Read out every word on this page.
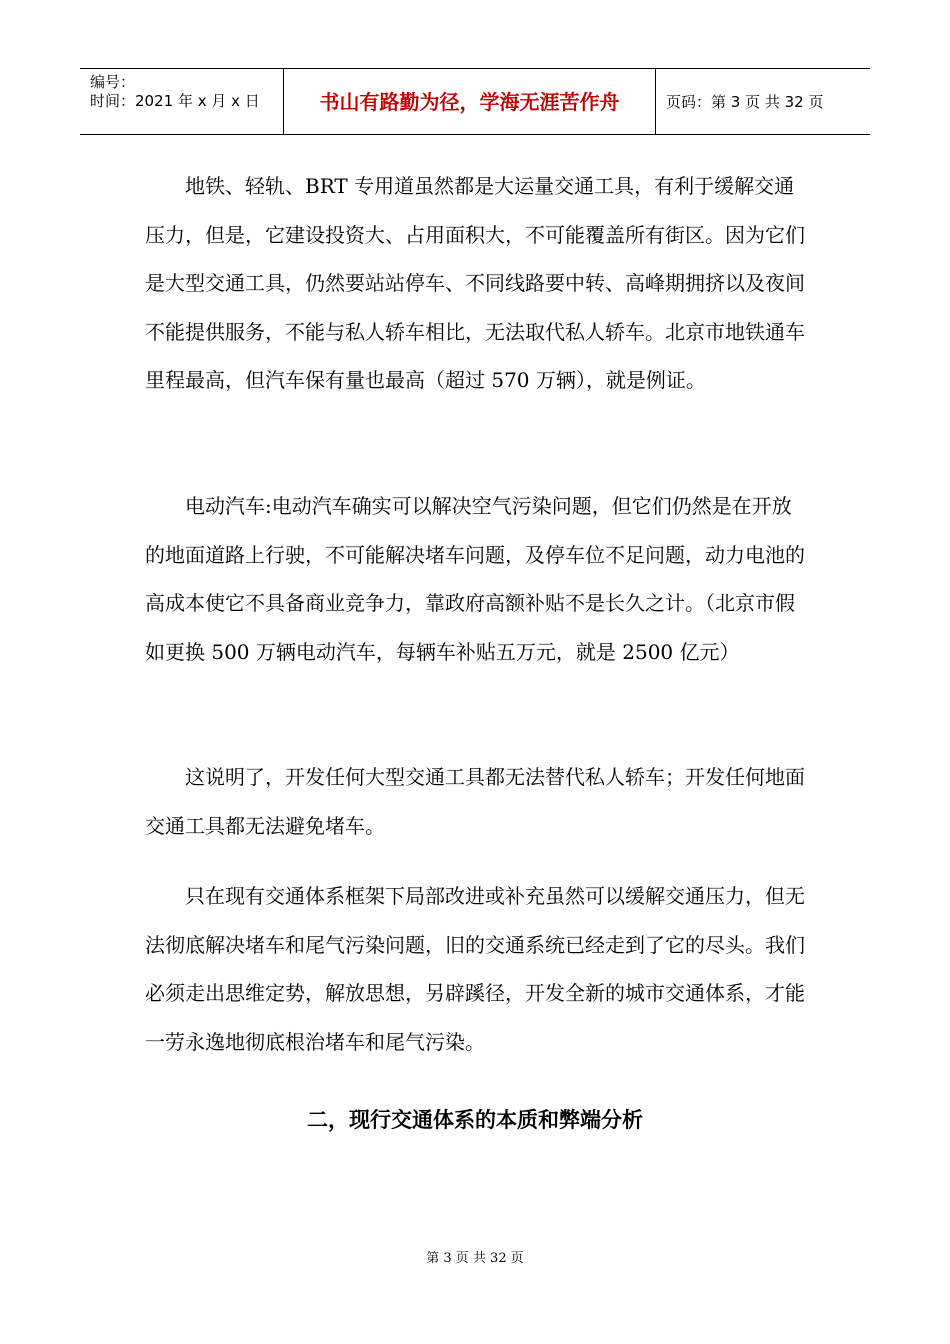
编号：
时间：2021 年 x 月 x 日	书山有路勤为径，学海无涯苦作舟	页码：第 3 页 共 32 页

地铁、轻轨、BRT 专用道虽然都是大运量交通工具，有利于缓解交通压力，但是，它建设投资大、占用面积大，不可能覆盖所有街区。因为它们是大型交通工具，仍然要站站停车、不同线路要中转、高峰期拥挤以及夜间不能提供服务，不能与私人轿车相比，无法取代私人轿车。北京市地铁通车里程最高，但汽车保有量也最高（超过 570 万辆），就是例证。

电动汽车:电动汽车确实可以解决空气污染问题，但它们仍然是在开放的地面道路上行驶，不可能解决堵车问题，及停车位不足问题，动力电池的高成本使它不具备商业竞争力，靠政府高额补贴不是长久之计。（北京市假如更换 500 万辆电动汽车，每辆车补贴五万元，就是 2500 亿元）

这说明了，开发任何大型交通工具都无法替代私人轿车；开发任何地面交通工具都无法避免堵车。

只在现有交通体系框架下局部改进或补充虽然可以缓解交通压力，但无法彻底解决堵车和尾气污染问题，旧的交通系统已经走到了它的尽头。我们必须走出思维定势，解放思想，另辟蹊径，开发全新的城市交通体系，才能一劳永逸地彻底根治堵车和尾气污染。

二，现行交通体系的本质和弊端分析
第 3 页 共 32 页
